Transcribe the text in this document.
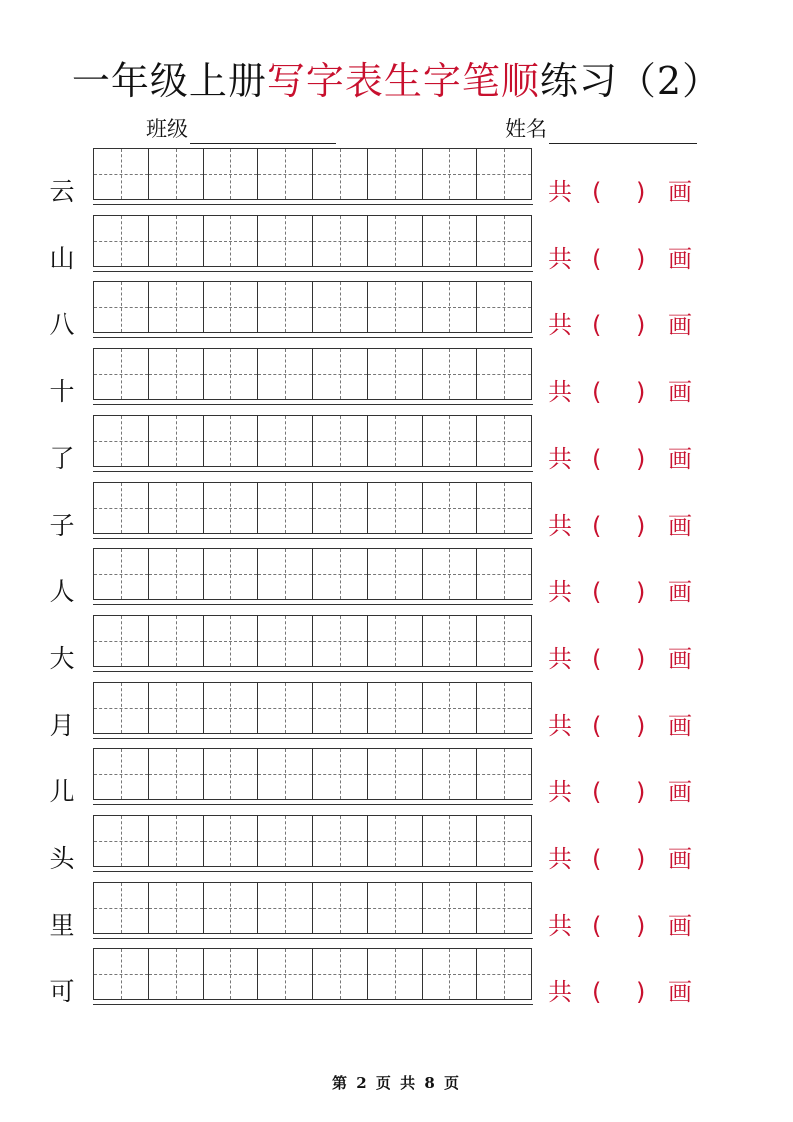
一年级上册写字表生字笔顺练习（2）
班级	姓名
云	共 ( ) 画
山	共 ( ) 画
八	共 ( ) 画
十	共 ( ) 画
了	共 ( ) 画
子	共 ( ) 画
人	共 ( ) 画
大	共 ( ) 画
月	共 ( ) 画
儿	共 ( ) 画
头	共 ( ) 画
里	共 ( ) 画
可	共 ( ) 画
第 2 页 共 8 页
